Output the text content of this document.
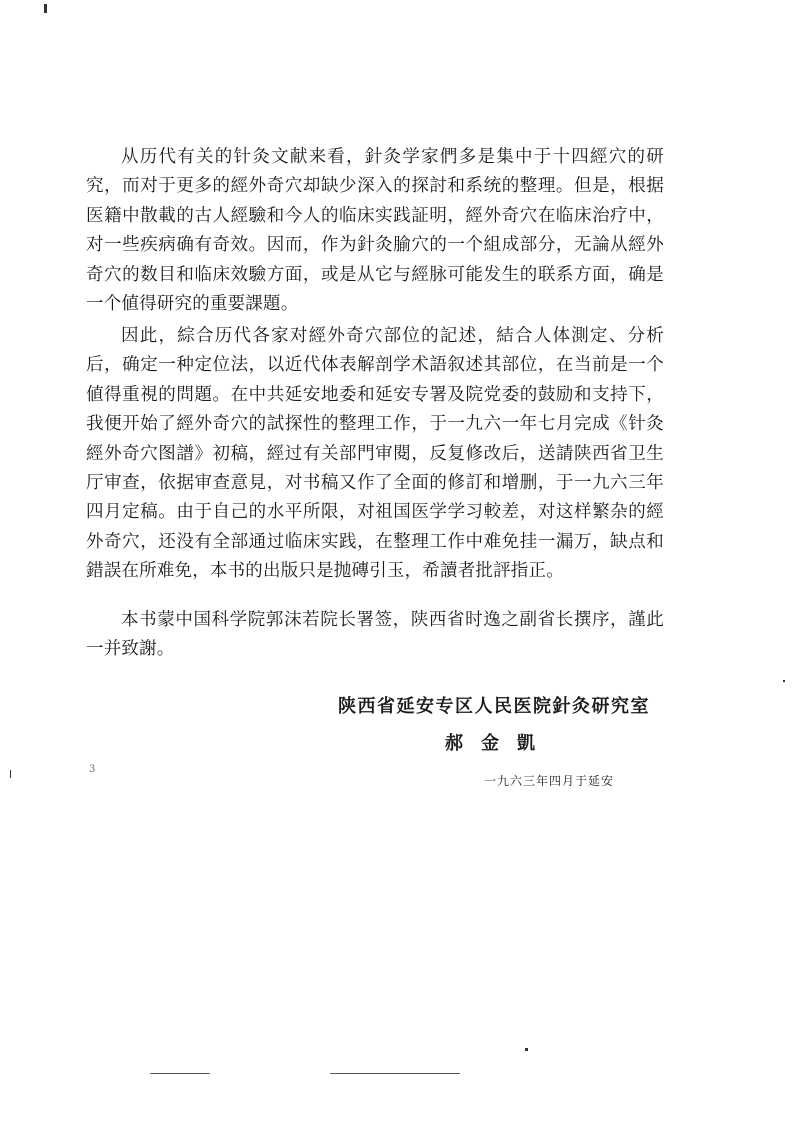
从历代有关的针灸文献来看，針灸学家們多是集中于十四經穴的研究，而对于更多的經外奇穴却缺少深入的探討和系统的整理。但是，根据医籍中散載的古人經驗和今人的临床实践証明，經外奇穴在临床治疗中，对一些疾病确有奇效。因而，作为針灸腧穴的一个組成部分，无論从經外奇穴的数目和临床效驗方面，或是从它与經脉可能发生的联系方面，确是一个値得研究的重要課題。

因此，綜合历代各家对經外奇穴部位的記述，結合人体測定、分析后，确定一种定位法，以近代体表解剖学术語叙述其部位，在当前是一个値得重視的問題。在中共延安地委和延安专署及院党委的鼓励和支持下，我便开始了經外奇穴的試探性的整理工作，于一九六一年七月完成《针灸經外奇穴图譜》初稿，經过有关部門审閱，反复修改后，送請陕西省卫生厅审查，依据审查意見，对书稿又作了全面的修訂和增删，于一九六三年四月定稿。由于自己的水平所限，对祖国医学学习較差，对这样繁杂的經外奇穴，还没有全部通过临床实践，在整理工作中难免挂一漏万，缺点和錯誤在所难免，本书的出版只是抛磚引玉，希讀者批評指正。

本书蒙中国科学院郭沫若院长署签，陕西省时逸之副省长撰序，謹此一并致謝。

陕西省延安专区人民医院針灸研究室
郝金凱
一九六三年四月于延安
3
